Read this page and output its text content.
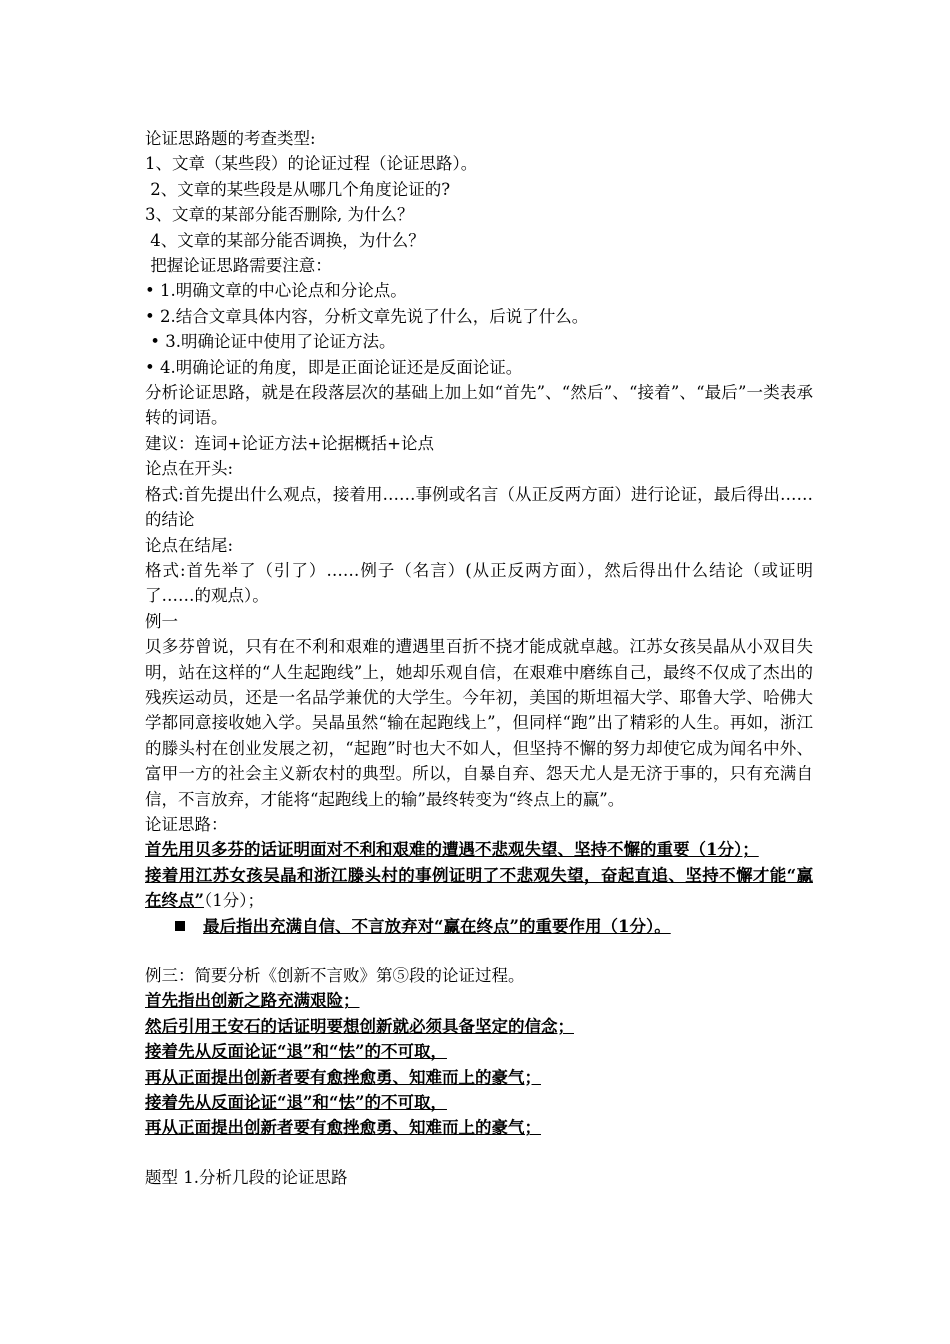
论证思路题的考查类型:

1、文章（某些段）的论证过程（论证思路）。

2、文章的某些段是从哪几个角度论证的?

3、文章的某部分能否删除, 为什么？

4、文章的某部分能否调换，为什么？

把握论证思路需要注意：

• 1.明确文章的中心论点和分论点。

• 2.结合文章具体内容，分析文章先说了什么，后说了什么。

• 3.明确论证中使用了论证方法。

• 4.明确论证的角度，即是正面论证还是反面论证。

分析论证思路，就是在段落层次的基础上加上如“首先”、“然后”、“接着”、“最后”一类表承转的词语。

建议：连词+论证方法+论据概括+论点

论点在开头:

格式:首先提出什么观点，接着用……事例或名言（从正反两方面）进行论证，最后得出……的结论

论点在结尾:

格式:首先举了（引了）……例子（名言）(从正反两方面），然后得出什么结论（或证明了……的观点）。

例一

贝多芬曾说，只有在不利和艰难的遭遇里百折不挠才能成就卓越。江苏女孩吴晶从小双目失明，站在这样的“人生起跑线”上，她却乐观自信，在艰难中磨练自己，最终不仅成了杰出的残疾运动员，还是一名品学兼优的大学生。今年初，美国的斯坦福大学、耶鲁大学、哈佛大学都同意接收她入学。吴晶虽然“输在起跑线上”，但同样“跑”出了精彩的人生。再如，浙江的滕头村在创业发展之初，“起跑”时也大不如人，但坚持不懈的努力却使它成为闻名中外、富甲一方的社会主义新农村的典型。所以，自暴自弃、怨天尤人是无济于事的，只有充满自信，不言放弃，才能将“起跑线上的输”最终转变为“终点上的赢”。

论证思路：

首先用贝多芬的话证明面对不利和艰难的遭遇不悲观失望、坚持不懈的重要（1分）；

接着用江苏女孩吴晶和浙江滕头村的事例证明了不悲观失望，奋起直追、坚持不懈才能“赢在终点”（1分）；

最后指出充满自信、不言放弃对“赢在终点”的重要作用（1分）。

例三：简要分析《创新不言败》第⑤段的论证过程。

首先指出创新之路充满艰险；

然后引用王安石的话证明要想创新就必须具备坚定的信念；

接着先从反面论证“退”和“怯”的不可取，

再从正面提出创新者要有愈挫愈勇、知难而上的豪气；

接着先从反面论证“退”和“怯”的不可取，

再从正面提出创新者要有愈挫愈勇、知难而上的豪气；

题型 1.分析几段的论证思路
